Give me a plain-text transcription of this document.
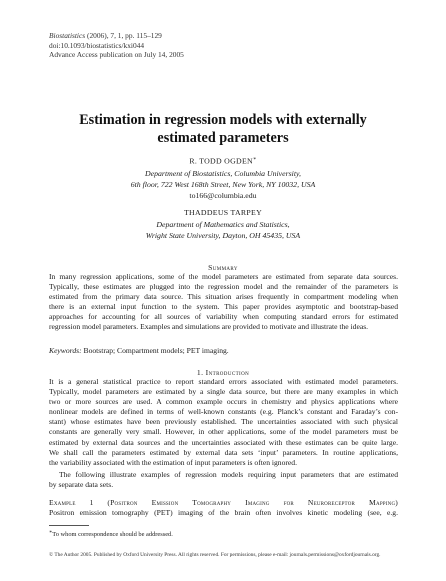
Biostatistics (2006), 7, 1, pp. 115–129
doi:10.1093/biostatistics/kxi044
Advance Access publication on July 14, 2005
Estimation in regression models with externally
estimated parameters
R. TODD OGDEN∗
Department of Biostatistics, Columbia University,
6th floor, 722 West 168th Street, New York, NY 10032, USA
to166@columbia.edu
THADDEUS TARPEY
Department of Mathematics and Statistics,
Wright State University, Dayton, OH 45435, USA
Summary
In many regression applications, some of the model parameters are estimated from separate data sources.
Typically, these estimates are plugged into the regression model and the remainder of the parameters is
estimated from the primary data source. This situation arises frequently in compartment modeling when
there is an external input function to the system. This paper provides asymptotic and bootstrap-based
approaches for accounting for all sources of variability when computing standard errors for estimated
regression model parameters. Examples and simulations are provided to motivate and illustrate the ideas.
Keywords: Bootstrap; Compartment models; PET imaging.
1. Introduction
It is a general statistical practice to report standard errors associated with estimated model parameters.
Typically, model parameters are estimated by a single data source, but there are many examples in which
two or more sources are used. A common example occurs in chemistry and physics applications where
nonlinear models are defined in terms of well-known constants (e.g. Planck’s constant and Faraday’s con-
stant) whose estimates have been previously established. The uncertainties associated with such physical
constants are generally very small. However, in other applications, some of the model parameters must be
estimated by external data sources and the uncertainties associated with these estimates can be quite large.
We shall call the parameters estimated by external data sets ‘input’ parameters. In routine applications,
the variability associated with the estimation of input parameters is often ignored.
The following illustrate examples of regression models requiring input parameters that are estimated
by separate data sets.
Example 1 (Positron Emission Tomography Imaging for Neuroreceptor Mapping)
Positron emission tomography (PET) imaging of the brain often involves kinetic modeling (see, e.g.
∗To whom correspondence should be addressed.
© The Author 2005. Published by Oxford University Press. All rights reserved. For permissions, please e-mail: journals.permissions@oxfordjournals.org.
